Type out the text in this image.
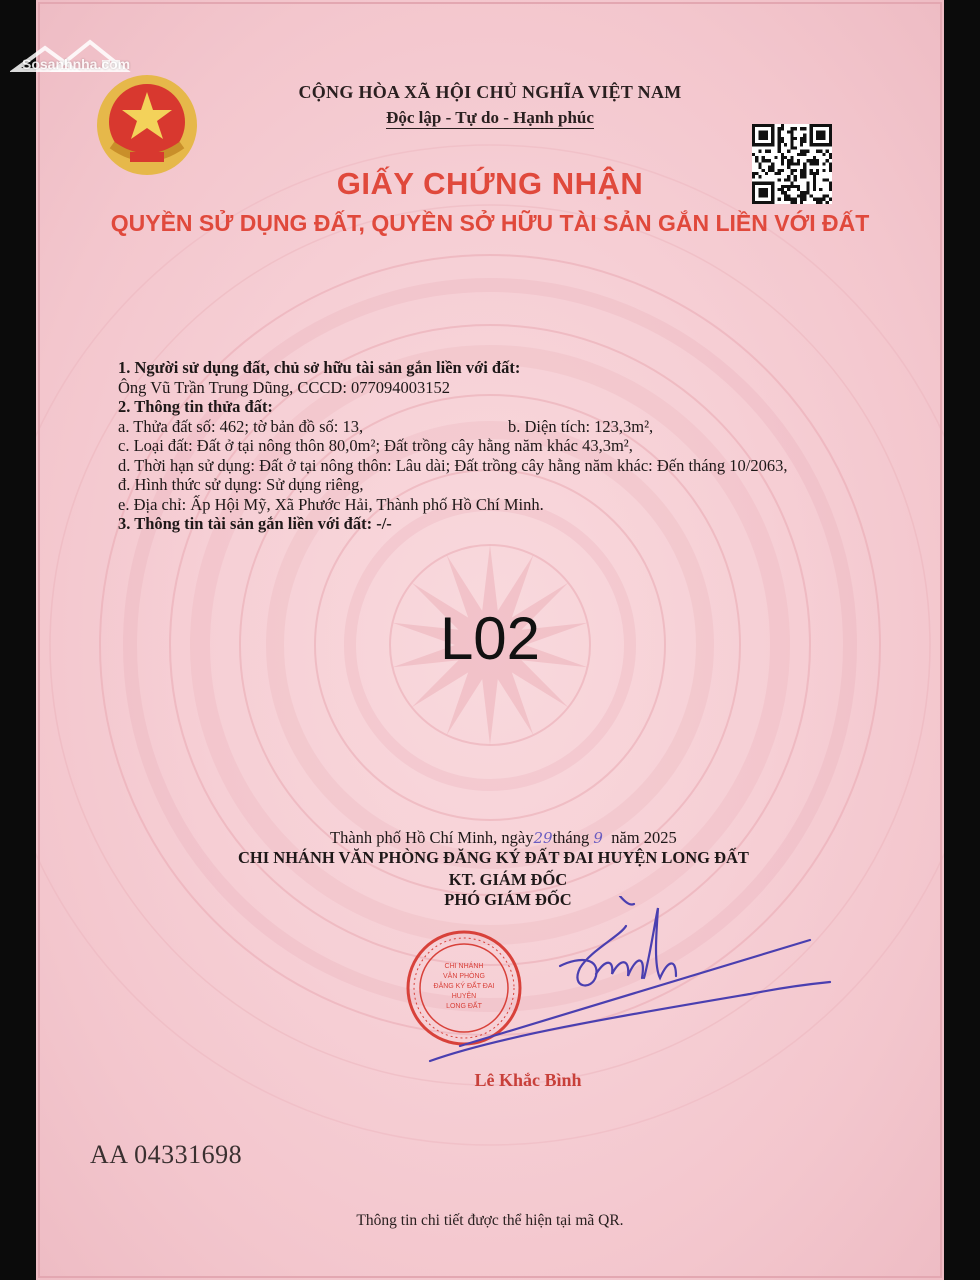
Sosanhnha.com
CỘNG HÒA XÃ HỘI CHỦ NGHĨA VIỆT NAM
Độc lập - Tự do - Hạnh phúc
GIẤY CHỨNG NHẬN
QUYỀN SỬ DỤNG ĐẤT, QUYỀN SỞ HỮU TÀI SẢN GẮN LIỀN VỚI ĐẤT
1. Người sử dụng đất, chủ sở hữu tài sản gắn liền với đất:
Ông Vũ Trần Trung Dũng, CCCD: 077094003152
2. Thông tin thửa đất:
a. Thửa đất số: 462; tờ bản đồ số: 13,	b. Diện tích: 123,3m²,
c. Loại đất: Đất ở tại nông thôn 80,0m²; Đất trồng cây hằng năm khác 43,3m²,
d. Thời hạn sử dụng: Đất ở tại nông thôn: Lâu dài; Đất trồng cây hằng năm khác: Đến tháng 10/2063,
đ. Hình thức sử dụng: Sử dụng riêng,
e. Địa chỉ: Ấp Hội Mỹ, Xã Phước Hải, Thành phố Hồ Chí Minh.
3. Thông tin tài sản gắn liền với đất: -/-
L02
Thành phố Hồ Chí Minh, ngày29tháng 9 năm 2025
CHI NHÁNH VĂN PHÒNG ĐĂNG KÝ ĐẤT ĐAI HUYỆN LONG ĐẤT
KT. GIÁM ĐỐC
PHÓ GIÁM ĐỐC
CHI NHÁNH
VĂN PHÒNG
ĐĂNG KÝ ĐẤT ĐAI
HUYỆN
LONG ĐẤT
Lê Khắc Bình
AA 04331698
Thông tin chi tiết được thể hiện tại mã QR.
